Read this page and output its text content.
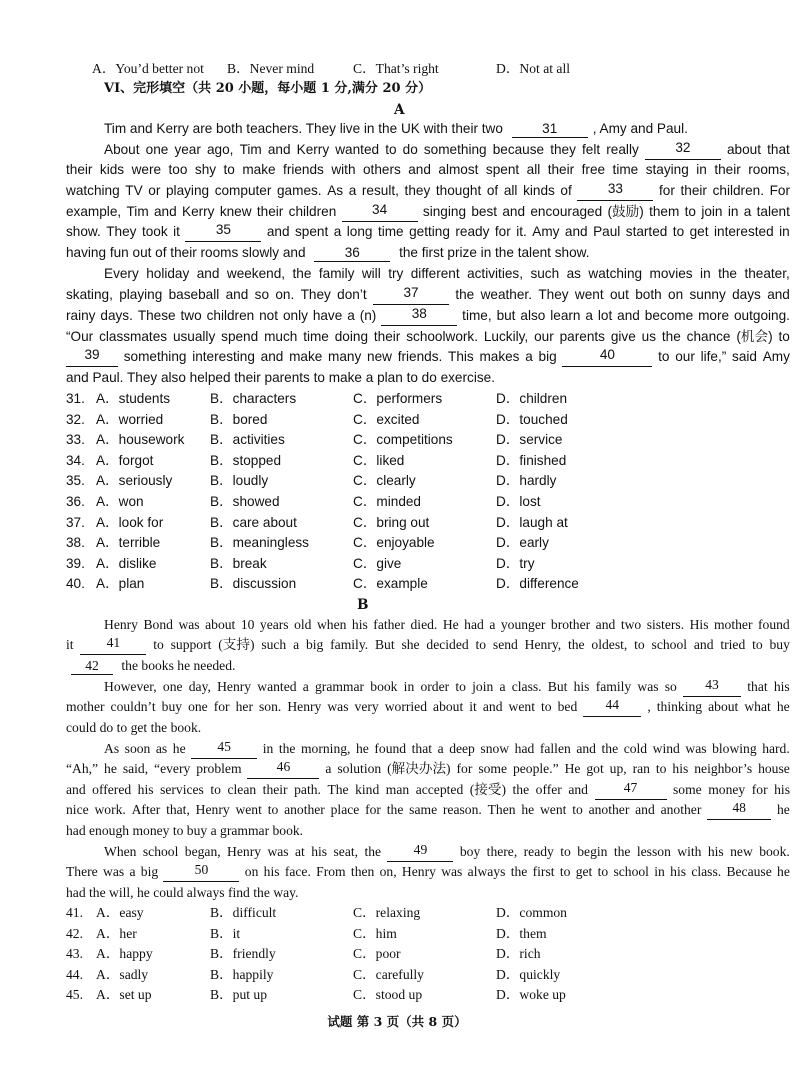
A．You’d better not B．Never mind	C．That’s right	D．Not at all
VI、完形填空（共 20 小题，每小题 1 分,满分 20 分）
A
Tim and Kerry are both teachers. They live in the UK with their two	31	, Amy and Paul.
About one year ago, Tim and Kerry wanted to do something because they felt really	32	about that
their kids were too shy to make friends with others and almost spent all their free time staying in their rooms,
watching TV or playing computer games. As a result, they thought of all kinds of	33	for their children. For
example, Tim and Kerry knew their children	34	singing best and encouraged (鼓励) them to join in a talent
show. They took it	35	and spent a long time getting ready for it. Amy and Paul started to get interested in
having fun out of their rooms slowly and	36	the first prize in the talent show.
Every holiday and weekend, the family will try different activities, such as watching movies in the theater,
skating, playing baseball and so on. They don’t	37	the weather. They went out both on sunny days and
rainy days. These two children not only have a (n)	38	time, but also learn a lot and become more outgoing.
“Our classmates usually spend much time doing their schoolwork. Luckily, our parents give us the chance (机会) to
39	something interesting and make many new friends. This makes a big	40	to our life,” said Amy
and Paul. They also helped their parents to make a plan to do exercise.
31. A．students	B．characters	C．performers	D．children
32. A．worried	B．bored	C．excited	D．touched
33. A．housework B．activities	C．competitions	D．service
34. A．forgot	B．stopped	C．liked	D．finished
35. A．seriously	B．loudly	C．clearly	D．hardly
36. A．won	B．showed	C．minded	D．lost
37. A．look for	B．care about	C．bring out	D．laugh at
38. A．terrible	B．meaningless	C．enjoyable	D．early
39. A．dislike	B．break	C．give	D．try
40. A．plan	B．discussion	C．example	D．difference
B
Henry Bond was about 10 years old when his father died. He had a younger brother and two sisters. His mother found
it	41	to support (支持) such a big family. But she decided to send Henry, the oldest, to school and tried to buy
42 the books he needed.
However, one day, Henry wanted a grammar book in order to join a class. But his family was so	43	that his
mother couldn’t buy one for her son. Henry was very worried about it and went to bed	44	, thinking about what he
could do to get the book.
As soon as he	45	in the morning, he found that a deep snow had fallen and the cold wind was blowing hard.
“Ah,” he said, “every problem	46	a solution (解决办法) for some people.” He got up, ran to his neighbor’s house
and offered his services to clean their path. The kind man accepted (接受) the offer and	47	some money for his
nice work. After that, Henry went to another place for the same reason. Then he went to another and another	48	he
had enough money to buy a grammar book.
When school began, Henry was at his seat, the	49	boy there, ready to begin the lesson with his new book.
There was a big	50	on his face. From then on, Henry was always the first to get to school in his class. Because he
had the will, he could always find the way.
41. A．easy	B．difficult	C．relaxing	D．common
42. A．her	B．it	C．him	D．them
43. A．happy	B．friendly	C．poor	D．rich
44. A．sadly	B．happily	C．carefully	D．quickly
45. A．set up	B．put up	C．stood up	D．woke up
试题 第 3 页（共 8 页）
